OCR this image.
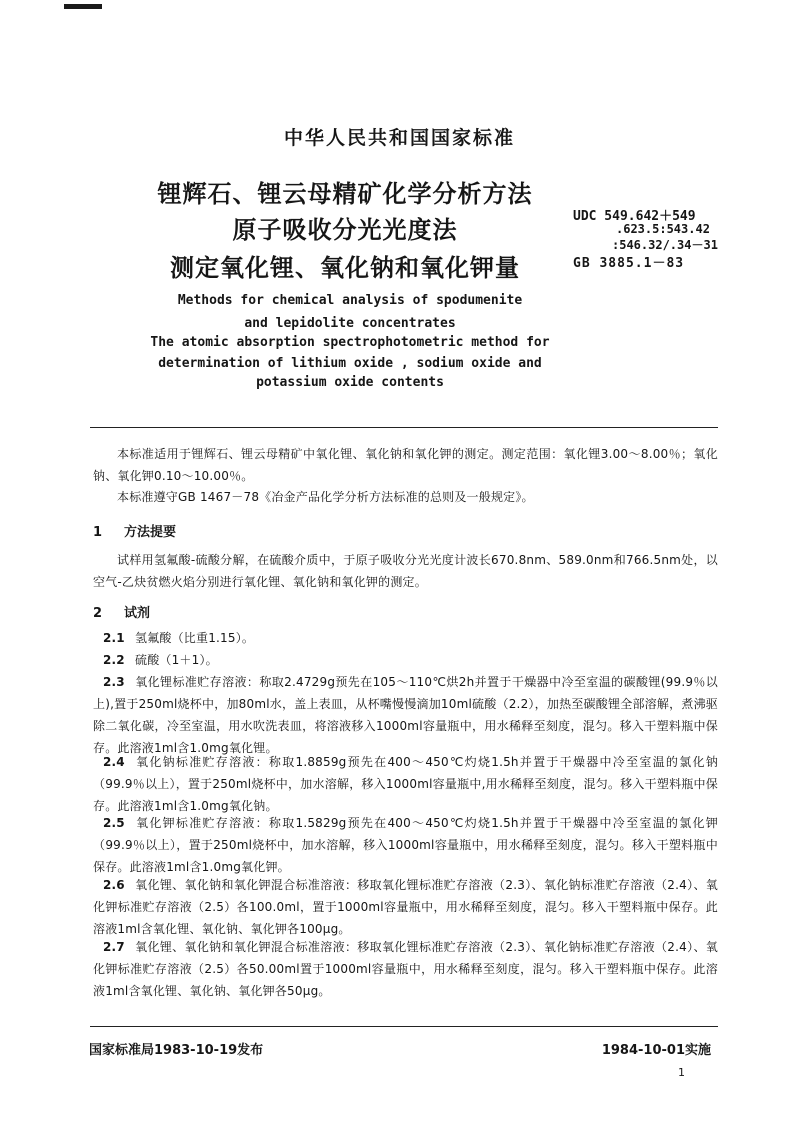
中华人民共和国国家标准
锂辉石、锂云母精矿化学分析方法
原子吸收分光光度法
测定氧化锂、氧化钠和氧化钾量
UDC 549.642＋549
.623.5:543.42
:546.32/.34－31
GB 3885.1－83
Methods for chemical analysis of spodumenite
and lepidolite concentrates
The atomic absorption spectrophotometric method for
determination of lithium oxide , sodium oxide and
potassium oxide contents
本标准适用于锂辉石、锂云母精矿中氧化锂、氧化钠和氧化钾的测定。测定范围：氧化锂3.00～8.00％；氧化钠、氧化钾0.10～10.00％。
本标准遵守GB 1467－78《冶金产品化学分析方法标准的总则及一般规定》。
1 方法提要
试样用氢氟酸-硫酸分解，在硫酸介质中，于原子吸收分光光度计波长670.8nm、589.0nm和766.5nm处，以空气-乙炔贫燃火焰分别进行氧化锂、氧化钠和氧化钾的测定。
2 试剂
2.1 氢氟酸（比重1.15）。
2.2 硫酸（1＋1）。
2.3 氧化锂标准贮存溶液：称取2.4729g预先在105～110℃烘2h并置于干燥器中冷至室温的碳酸锂(99.9％以上),置于250ml烧杯中，加80ml水，盖上表皿，从杯嘴慢慢滴加10ml硫酸（2.2），加热至碳酸锂全部溶解，煮沸驱除二氧化碳，冷至室温，用水吹洗表皿，将溶液移入1000ml容量瓶中，用水稀释至刻度，混匀。移入干塑料瓶中保存。此溶液1ml含1.0mg氧化锂。
2.4 氧化钠标准贮存溶液：称取1.8859g预先在400～450℃灼烧1.5h并置于干燥器中冷至室温的氯化钠（99.9％以上），置于250ml烧杯中，加水溶解，移入1000ml容量瓶中,用水稀释至刻度，混匀。移入干塑料瓶中保存。此溶液1ml含1.0mg氧化钠。
2.5 氧化钾标准贮存溶液：称取1.5829g预先在400～450℃灼烧1.5h并置于干燥器中冷至室温的氯化钾（99.9％以上），置于250ml烧杯中，加水溶解，移入1000ml容量瓶中，用水稀释至刻度，混匀。移入干塑料瓶中保存。此溶液1ml含1.0mg氧化钾。
2.6 氧化锂、氧化钠和氧化钾混合标准溶液：移取氧化锂标准贮存溶液（2.3）、氧化钠标准贮存溶液（2.4）、氧化钾标准贮存溶液（2.5）各100.0ml，置于1000ml容量瓶中，用水稀释至刻度，混匀。移入干塑料瓶中保存。此溶液1ml含氧化锂、氧化钠、氧化钾各100μg。
2.7 氧化锂、氧化钠和氧化钾混合标准溶液：移取氧化锂标准贮存溶液（2.3）、氧化钠标准贮存溶液（2.4）、氧化钾标准贮存溶液（2.5）各50.00ml置于1000ml容量瓶中，用水稀释至刻度，混匀。移入干塑料瓶中保存。此溶液1ml含氧化锂、氧化钠、氧化钾各50μg。
国家标准局1983-10-19发布	1984-10-01实施
1
